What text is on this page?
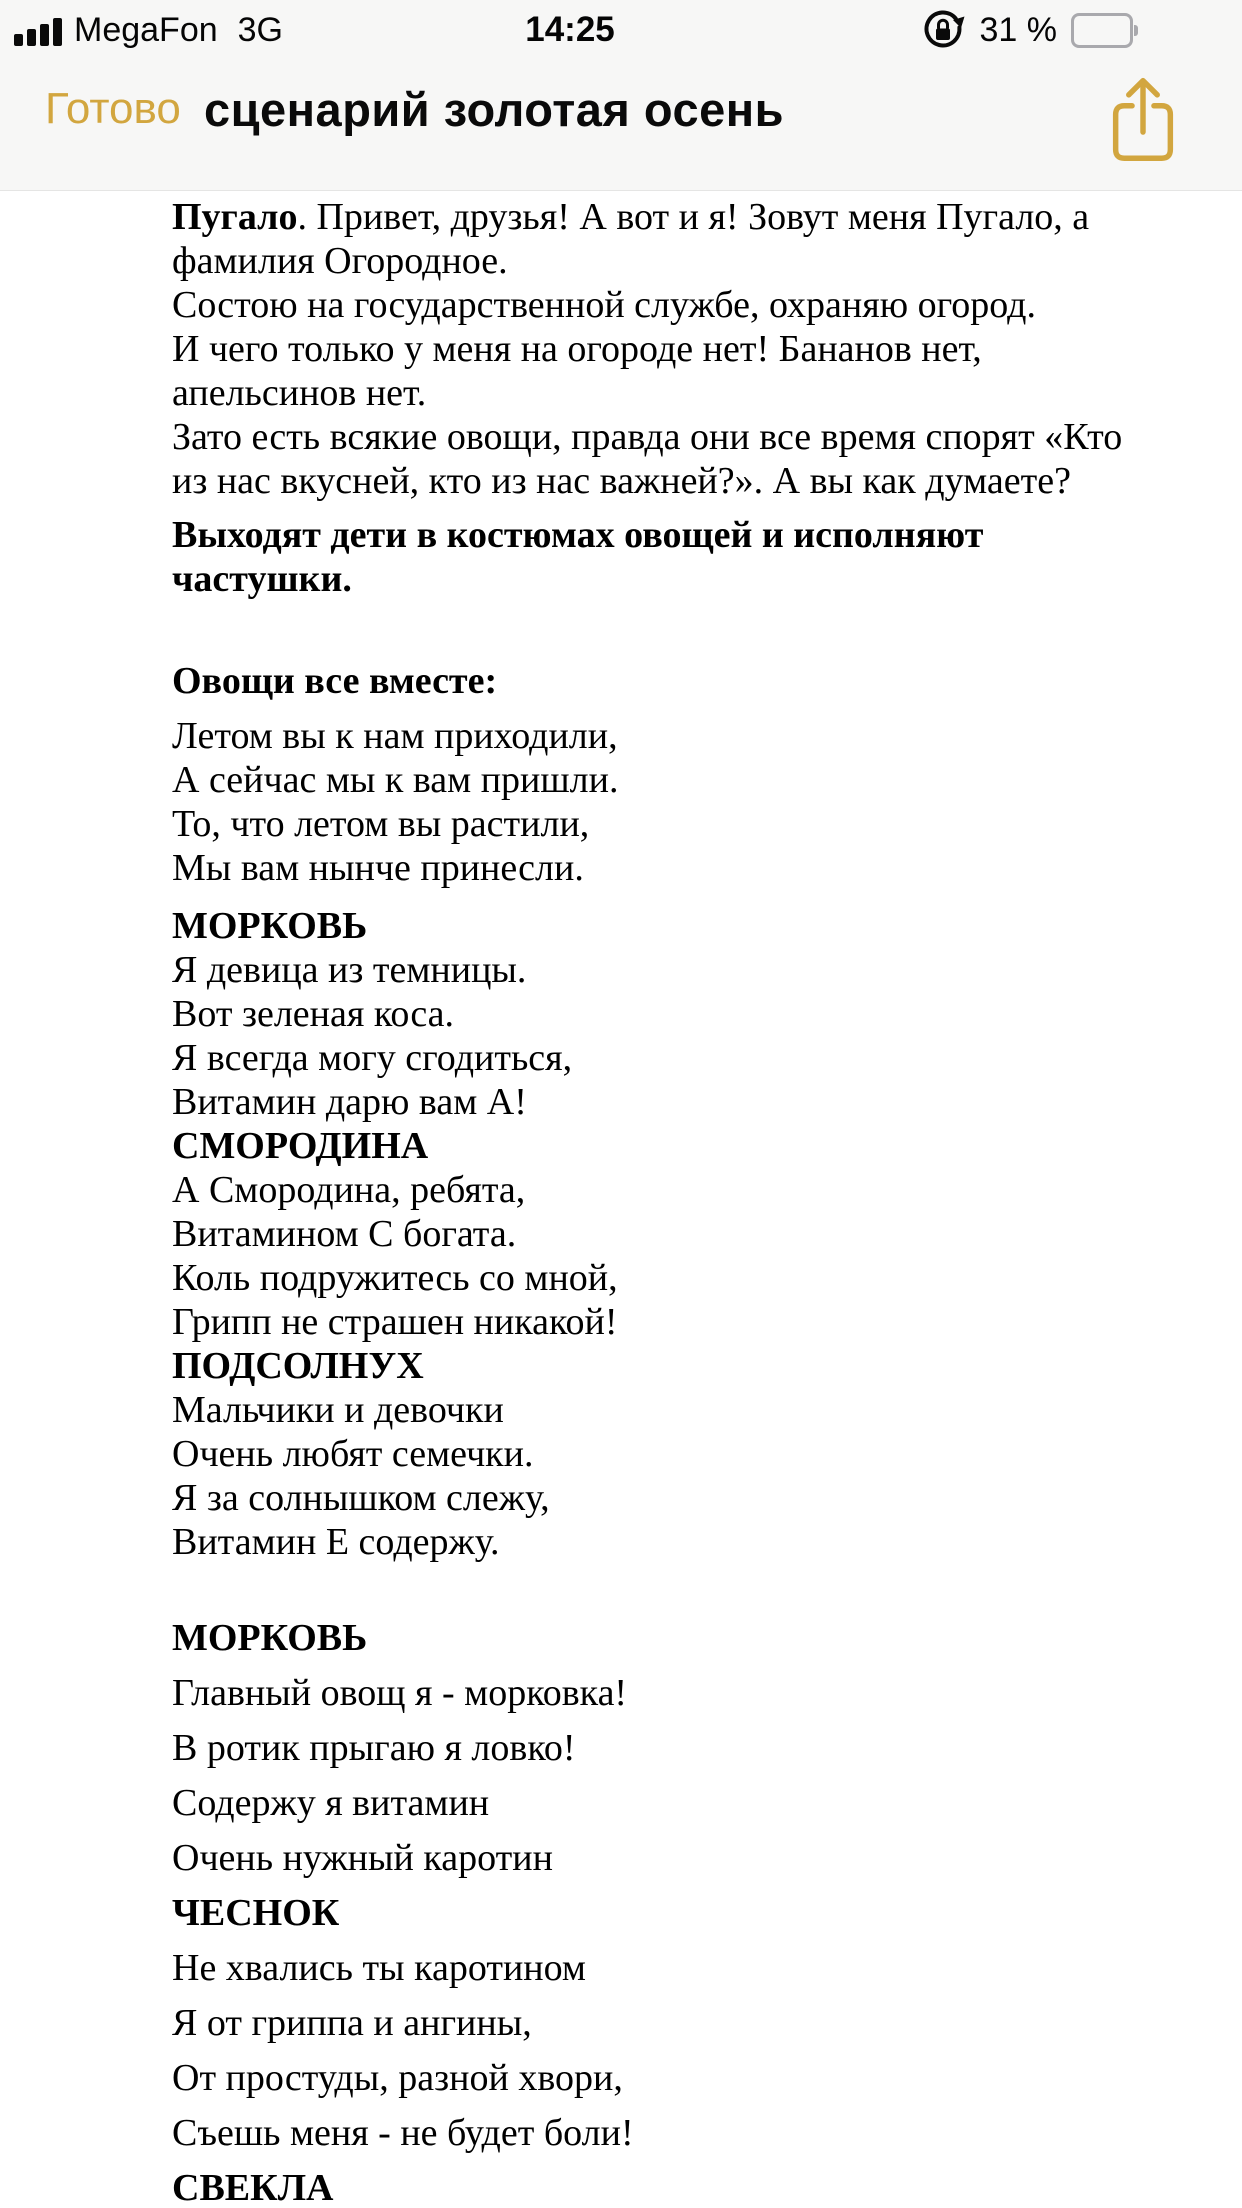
MegaFon 3G	14:25	31 %
Готово сценарий золотая осень
Пугало. Привет, друзья! А вот и я! Зовут меня Пугало, а
фамилия Огородное.
Состою на государственной службе, охраняю огород.
И чего только у меня на огороде нет! Бананов нет,
апельсинов нет.
Зато есть всякие овощи, правда они все время спорят «Кто
из нас вкусней, кто из нас важней?». А вы как думаете?
Выходят дети в костюмах овощей и исполняют
частушки.
Овощи все вместе:
Летом вы к нам приходили,
А сейчас мы к вам пришли.
То, что летом вы растили,
Мы вам нынче принесли.
МОРКОВЬ
Я девица из темницы.
Вот зеленая коса.
Я всегда могу сгодиться,
Витамин дарю вам А!
СМОРОДИНА
А Смородина, ребята,
Витамином С богата.
Коль подружитесь со мной,
Грипп не страшен никакой!
ПОДСОЛНУХ
Мальчики и девочки
Очень любят семечки.
Я за солнышком слежу,
Витамин Е содержу.
МОРКОВЬ
Главный овощ я - морковка!
В ротик прыгаю я ловко!
Содержу я витамин
Очень нужный каротин
ЧЕСНОК
Не хвались ты каротином
Я от гриппа и ангины,
От простуды, разной хвори,
Съешь меня - не будет боли!
СВЕКЛА
